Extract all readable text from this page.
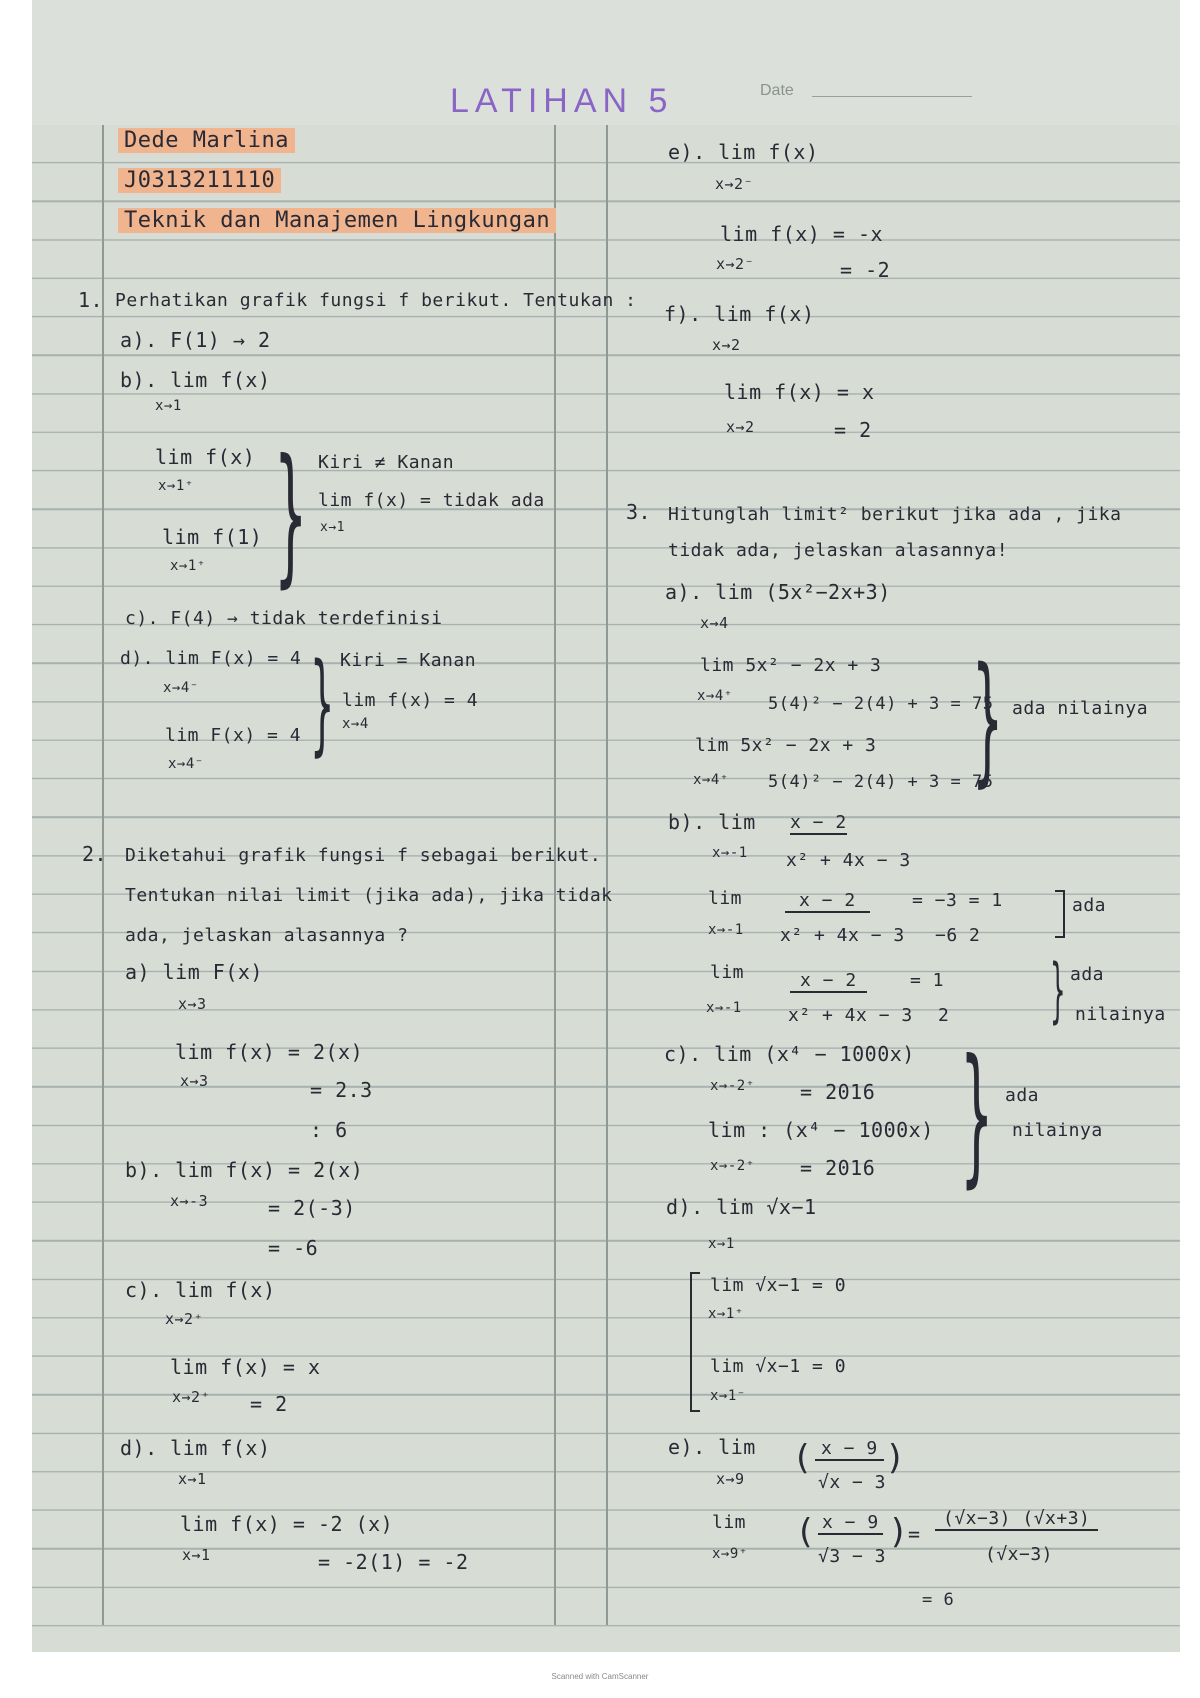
LATIHAN 5	Date
Dede Marlina
J0313211110
Teknik dan Manajemen Lingkungan
1. Perhatikan grafik fungsi f berikut. Tentukan :
a). F(1) → 2
b). lim f(x)
x→1
lim f(x)
x→1⁺
lim f(1)
x→1⁺ } Kiri ≠ Kanan
lim f(x) = tidak ada
x→1
c). F(4) → tidak terdefinisi
d). lim F(x) = 4
x→4⁻
lim F(x) = 4
x→4⁻ } Kiri = Kanan
lim f(x) = 4
x→4
2. Diketahui grafik fungsi f sebagai berikut.
Tentukan nilai limit (jika ada), jika tidak
ada, jelaskan alasannya ?
a) lim F(x)
x→3
lim f(x) = 2(x)
x→3	= 2.3
: 6
b). lim f(x) = 2(x)
x→-3	= 2(-3)
= -6
c). lim f(x)
x→2⁺
lim f(x) = x
x→2⁺ = 2
d). lim f(x)
x→1
lim f(x) = -2 (x)
x→1	= -2(1) = -2
e). lim f(x)
x→2⁻
lim f(x) = -x
x→2⁻	= -2
f). lim f(x)
x→2
lim f(x) = x
x→2	= 2
3. Hitunglah limit² berikut jika ada , jika
tidak ada, jelaskan alasannya!
a). lim (5x²−2x+3)
x→4
lim 5x² − 2x + 3
x→4⁺ 5(4)² − 2(4) + 3 = 75
lim 5x² − 2x + 3
x→4⁺ 5(4)² − 2(4) + 3 = 75
} ada nilainya
b). lim
x→-1
x − 2
x² + 4x − 3
lim
x→-1
x − 2
x² + 4x − 3
= −3 = 1
−6 2
ada
lim
x→-1
x − 2
x² + 4x − 3
= 1
2 } ada
nilainya
c). lim (x⁴ − 1000x)
x→-2⁺ = 2016
lim : (x⁴ − 1000x)
x→-2⁺ = 2016 } ada
nilainya
d). lim √x−1
x→1
lim √x−1 = 0
x→1⁺
lim √x−1 = 0
x→1⁻
e). lim
x→9
( x − 9
√x − 3
)
lim
x→9⁺
( x − 9
√3 − 3
) =
(√x−3) (√x+3)
(√x−3)
= 6
Scanned with CamScanner
